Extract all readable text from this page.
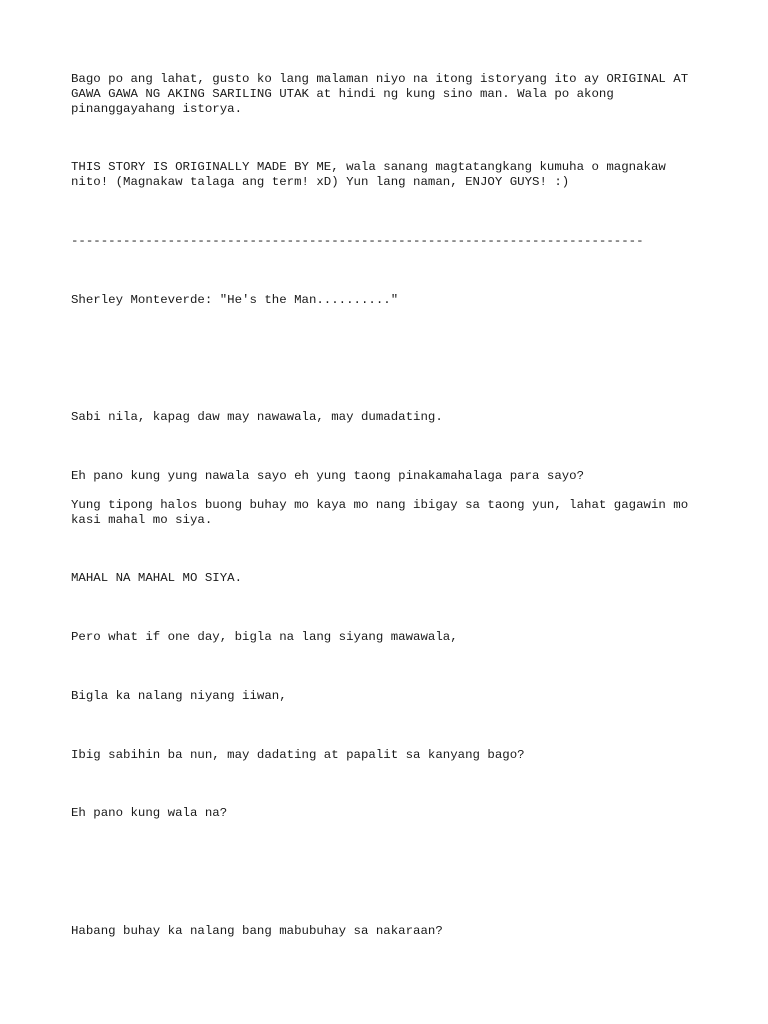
Bago po ang lahat, gusto ko lang malaman niyo na itong istoryang ito ay ORIGINAL AT

GAWA GAWA NG AKING SARILING UTAK at hindi ng kung sino man. Wala po akong

pinanggayahang istorya.

THIS STORY IS ORIGINALLY MADE BY ME, wala sanang magtatangkang kumuha o magnakaw

nito! (Magnakaw talaga ang term! xD) Yun lang naman, ENJOY GUYS! :)

-----------------------------------------------------------------------------

Sherley Monteverde: "He's the Man.........."

Sabi nila, kapag daw may nawawala, may dumadating.

Eh pano kung yung nawala sayo eh yung taong pinakamahalaga para sayo?

Yung tipong halos buong buhay mo kaya mo nang ibigay sa taong yun, lahat gagawin mo

kasi mahal mo siya.

MAHAL NA MAHAL MO SIYA.

Pero what if one day, bigla na lang siyang mawawala,

Bigla ka nalang niyang iiwan,

Ibig sabihin ba nun, may dadating at papalit sa kanyang bago?

Eh pano kung wala na?

Habang buhay ka nalang bang mabubuhay sa nakaraan?
